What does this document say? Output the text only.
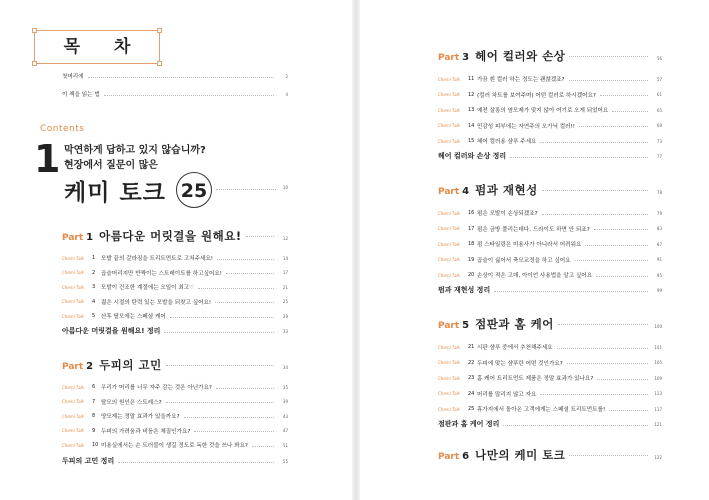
목 차
첫머리에	2
이 책을 읽는 법	4
Contents
1 막연하게 답하고 있지 않습니까?
현장에서 질문이 많은
케미 토크 25	10
Part 1 아름다운 머릿결을 원해요!	12
Chemi Talk	1	모발 끝의 갈라짐을 트리트먼트로 고쳐주세요!	14
Chemi Talk	2	곱슬머리지만 반짝이는 스트레이트를 하고싶어요!	17
Chemi Talk	3	모발이 건조한 계절에는 오일이 최고♡	21
Chemi Talk	4	젊은 시절의 탄력 있는 모발을 되찾고 싶어요!	25
Chemi Talk	5	산후 탈모에는 스페셜 케어	29
아름다운 머릿결을 원해요! 정리	33
Part 2 두피의 고민	34
Chemi Talk	6	우리가 머리를 너무 자주 감는 것은 아닌가요?	35
Chemi Talk	7	탈모의 원인은 스트레스?	39
Chemi Talk	8	양모제는 정말 효과가 있을까요?	43
Chemi Talk	9	두피의 가려움과 비듬은 체질인가요?	47
Chemi Talk	10 미용실에서는 손 트러블이 생길 정도로 독한 것을 쓰나 봐요?	51
두피의 고민 정리	55
Part 3 헤어 컬러와 손상	56
Chemi Talk	11 가끔 흰 컬러 하는 정도는 괜찮겠죠?	57
Chemi Talk	12 (컬러 차트를 보여주며) 어떤 컬러로 하시겠어요?	61
Chemi Talk	13 예전 살롱의 염모제가 맞지 않아 여기로 오게 되었어요	65
Chemi Talk	14 민감성 피부에는 자연주의 오가닉 컬러!!	69
Chemi Talk	15 헤어 컬러용 샴푸 주세요	73
헤어 컬러와 손상 정리	77
Part 4 펌과 재현성	78
Chemi Talk	16 펌은 모발이 손상되겠죠?	79
Chemi Talk	17 펌은 금방 풀리는데다, 드라이도 하면 안 되죠?	83
Chemi Talk	18 펌 스타일링은 미용사가 아니라서 어려워요	87
Chemi Talk	19 곱슬이 싫어서 축모교정을 하고 싶어요	91
Chemi Talk	20 손상이 적은 고데, 아이언 사용법을 알고 싶어요	95
펌과 재현성 정리	99
Part 5 점판과 홈 케어	100
Chemi Talk	21 시판 샴푸 중에서 추천해주세요	101
Chemi Talk	22 두피에 맞는 샴푸란 어떤 것인가요?	105
Chemi Talk	23 홈 케어 트리트먼트 제품은 정말 효과가 있나요?	109
Chemi Talk	24 머리를 말리지 않고 자요	113
Chemi Talk	25 휴가지에서 돌아온 고객에게는 스페셜 트리트먼트를!	117
점판과 홈 케어 정리	121
Part 6 나만의 케미 토크	122
